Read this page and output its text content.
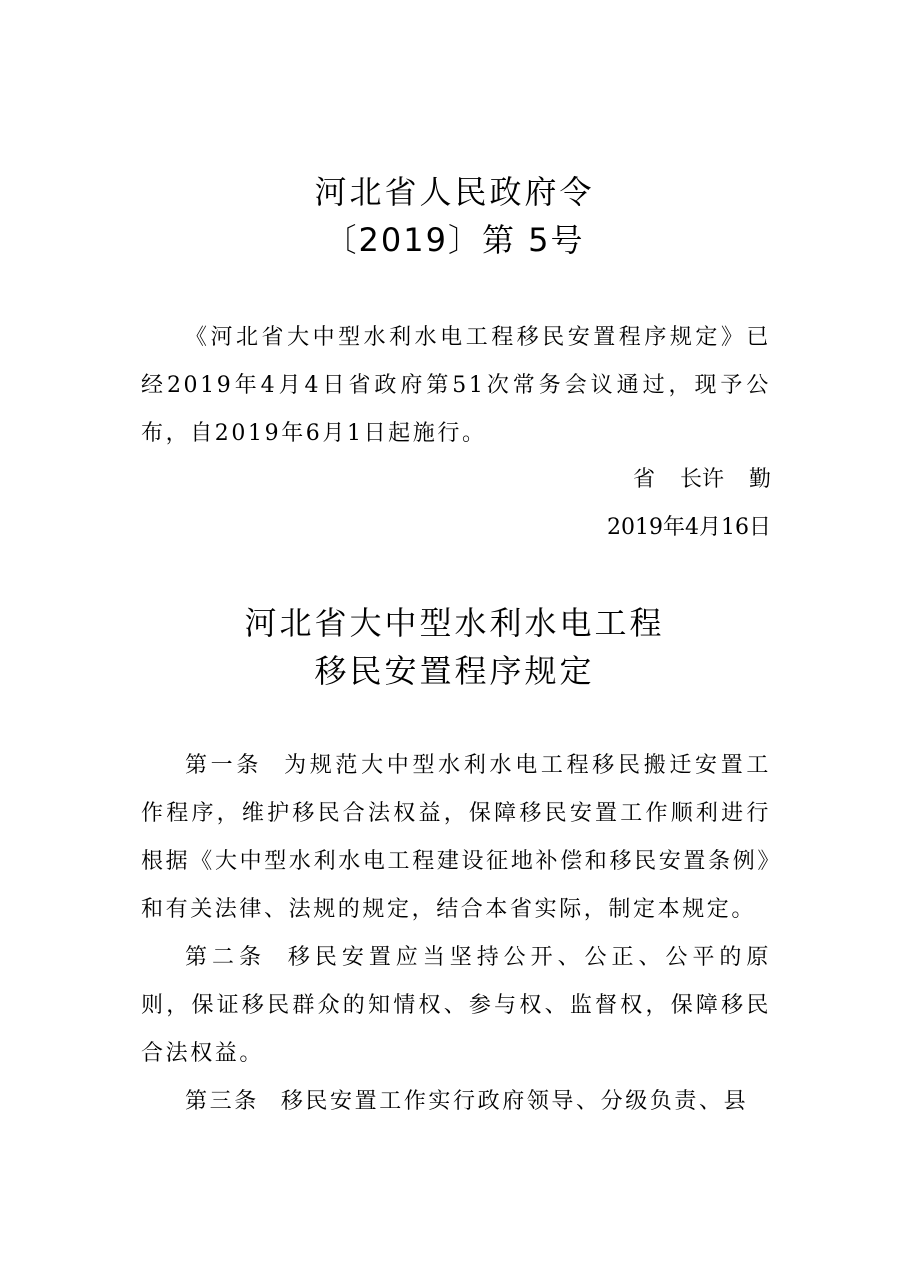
河北省人民政府令
〔2019〕第 5号

《河北省大中型水利水电工程移民安置程序规定》已经2019年4月4日省政府第51次常务会议通过，现予公布，自2019年6月1日起施行。

省 长许 勤
2019年4月16日
河北省大中型水利水电工程
移民安置程序规定

第一条 为规范大中型水利水电工程移民搬迁安置工作程序，维护移民合法权益，保障移民安置工作顺利进行根据《大中型水利水电工程建设征地补偿和移民安置条例》和有关法律、法规的规定，结合本省实际，制定本规定。

第二条 移民安置应当坚持公开、公正、公平的原则，保证移民群众的知情权、参与权、监督权，保障移民合法权益。

第三条 移民安置工作实行政府领导、分级负责、县
